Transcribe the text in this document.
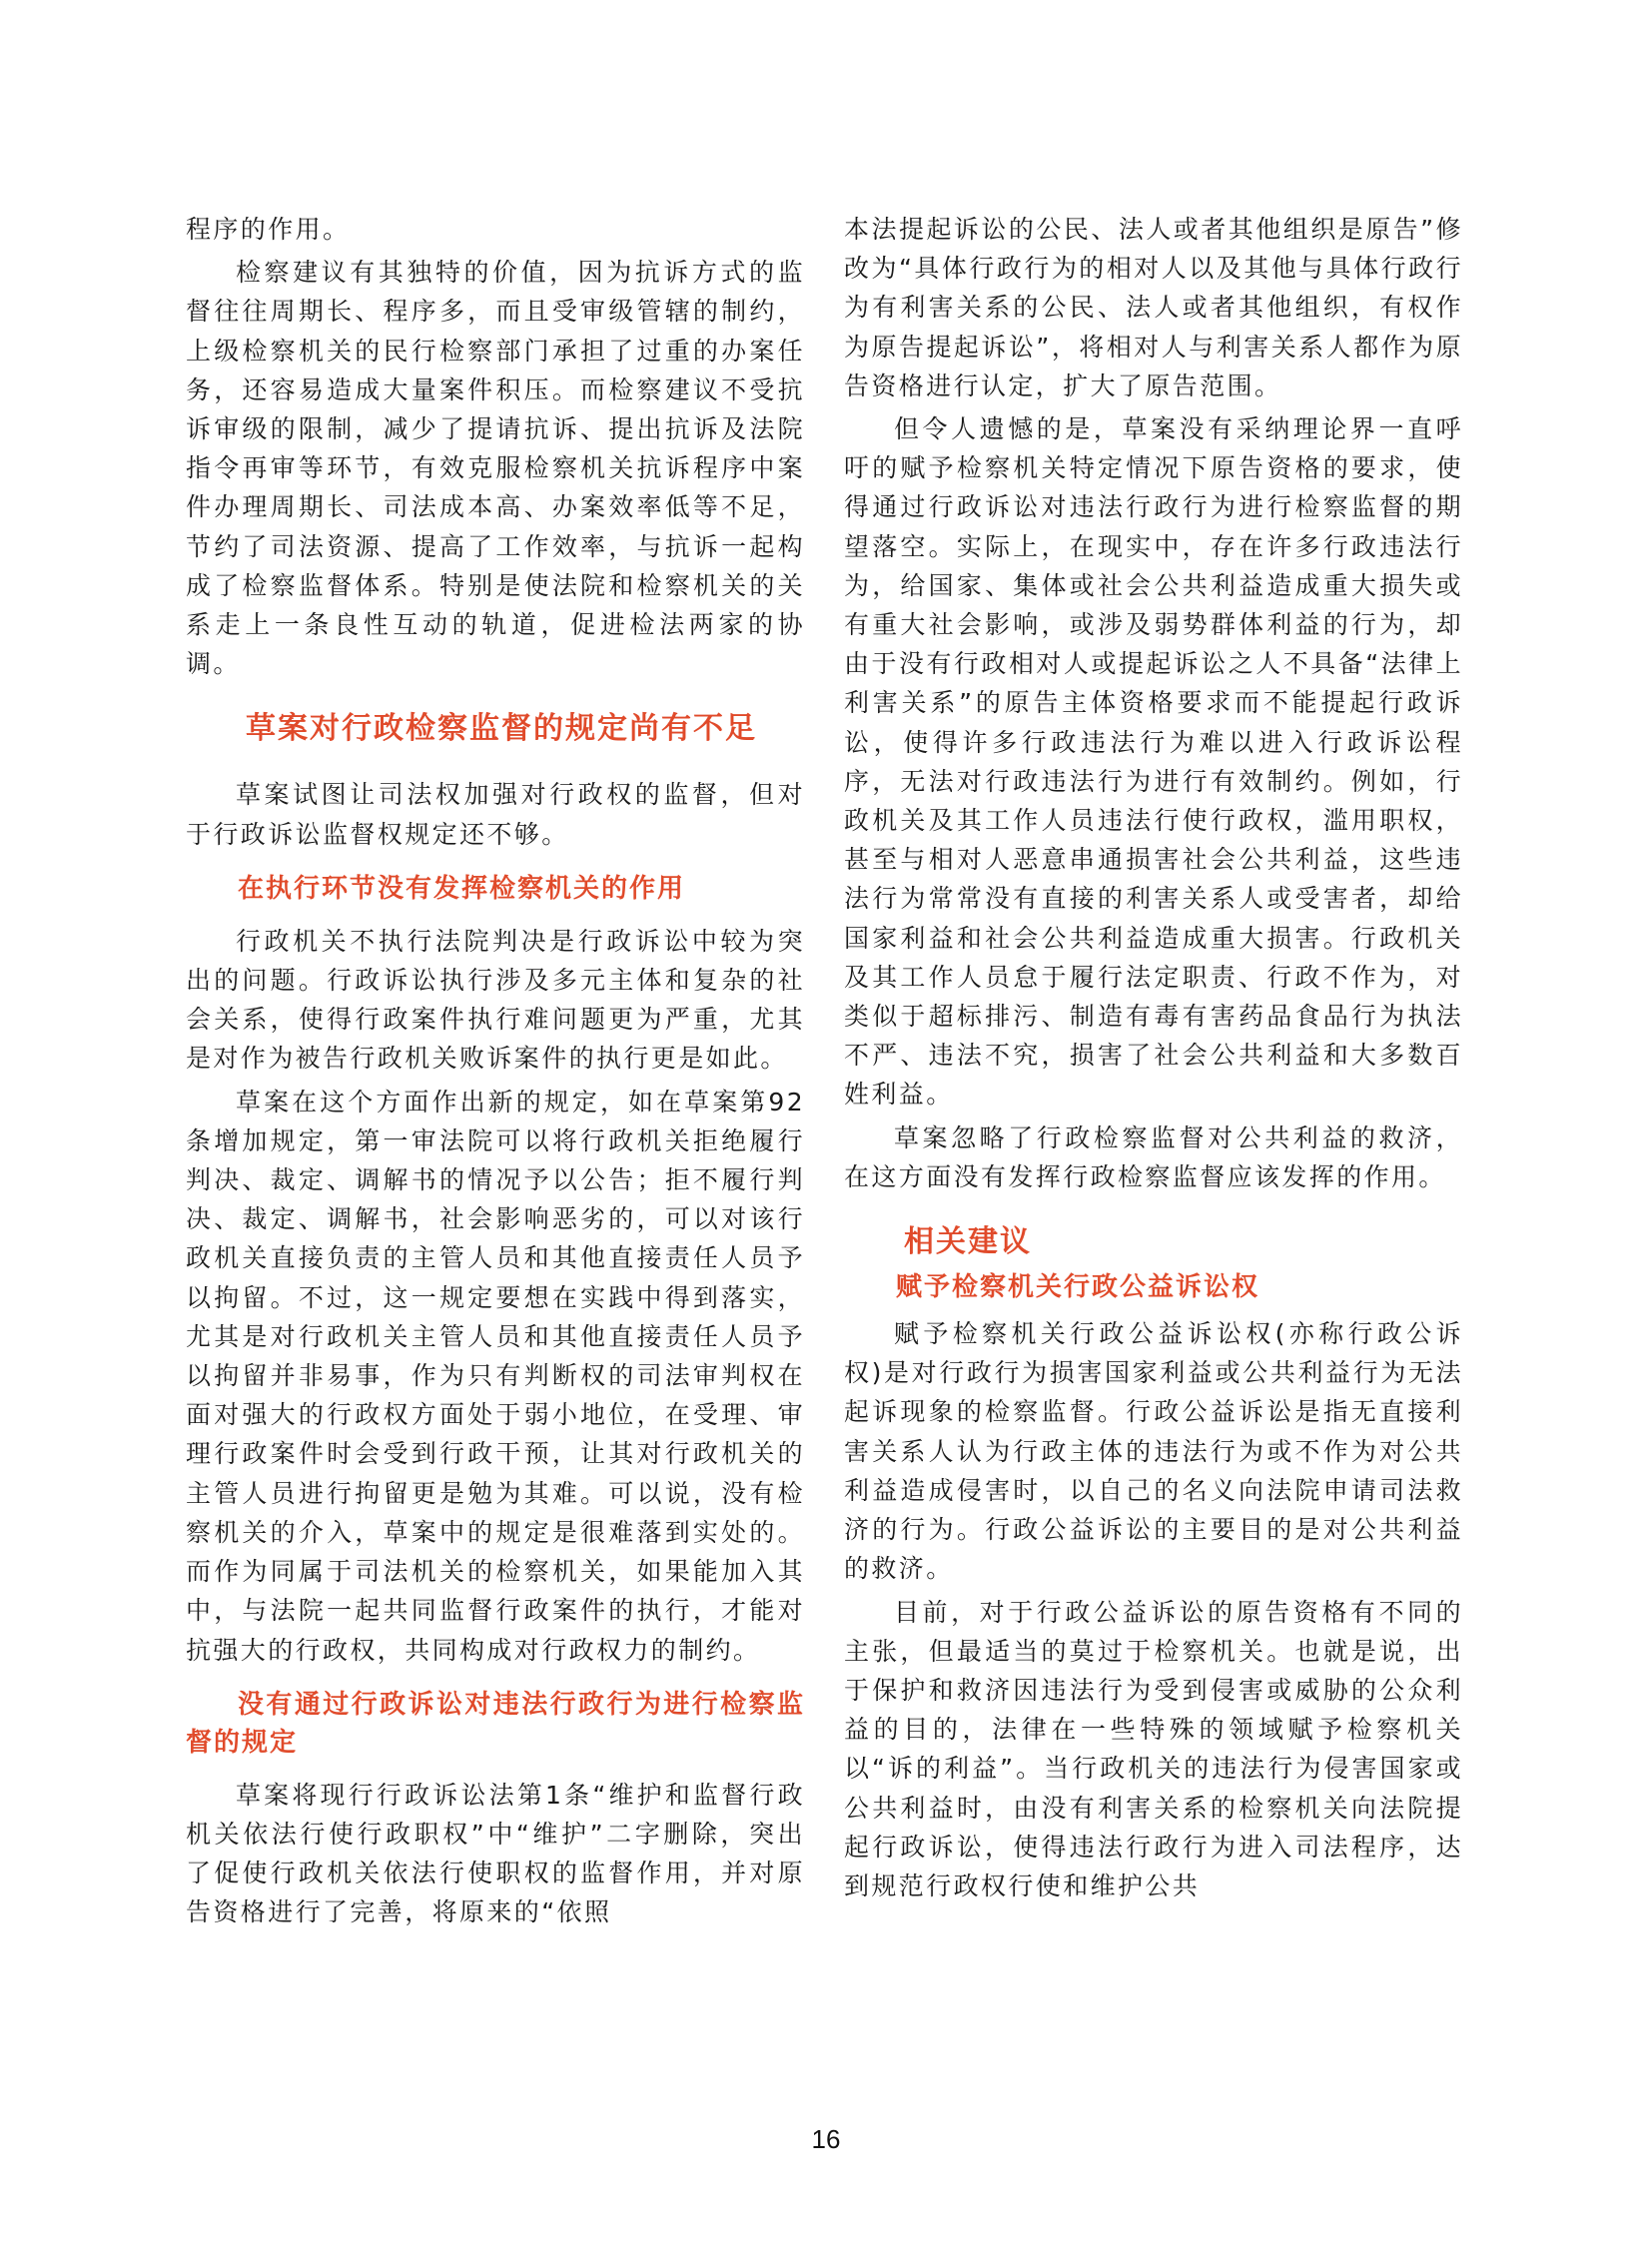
程序的作用。

检察建议有其独特的价值，因为抗诉方式的监督往往周期长、程序多，而且受审级管辖的制约，上级检察机关的民行检察部门承担了过重的办案任务，还容易造成大量案件积压。而检察建议不受抗诉审级的限制，减少了提请抗诉、提出抗诉及法院指令再审等环节，有效克服检察机关抗诉程序中案件办理周期长、司法成本高、办案效率低等不足，节约了司法资源、提高了工作效率，与抗诉一起构成了检察监督体系。特别是使法院和检察机关的关系走上一条良性互动的轨道，促进检法两家的协调。

草案对行政检察监督的规定尚有不足

草案试图让司法权加强对行政权的监督，但对于行政诉讼监督权规定还不够。

在执行环节没有发挥检察机关的作用

行政机关不执行法院判决是行政诉讼中较为突出的问题。行政诉讼执行涉及多元主体和复杂的社会关系，使得行政案件执行难问题更为严重，尤其是对作为被告行政机关败诉案件的执行更是如此。

草案在这个方面作出新的规定，如在草案第92条增加规定，第一审法院可以将行政机关拒绝履行判决、裁定、调解书的情况予以公告；拒不履行判决、裁定、调解书，社会影响恶劣的，可以对该行政机关直接负责的主管人员和其他直接责任人员予以拘留。不过，这一规定要想在实践中得到落实，尤其是对行政机关主管人员和其他直接责任人员予以拘留并非易事，作为只有判断权的司法审判权在面对强大的行政权方面处于弱小地位，在受理、审理行政案件时会受到行政干预，让其对行政机关的主管人员进行拘留更是勉为其难。可以说，没有检察机关的介入，草案中的规定是很难落到实处的。而作为同属于司法机关的检察机关，如果能加入其中，与法院一起共同监督行政案件的执行，才能对抗强大的行政权，共同构成对行政权力的制约。

没有通过行政诉讼对违法行政行为进行检察监督的规定

草案将现行行政诉讼法第1条“维护和监督行政机关依法行使行政职权”中“维护”二字删除，突出了促使行政机关依法行使职权的监督作用，并对原告资格进行了完善，将原来的“依照

本法提起诉讼的公民、法人或者其他组织是原告”修改为“具体行政行为的相对人以及其他与具体行政行为有利害关系的公民、法人或者其他组织，有权作为原告提起诉讼”，将相对人与利害关系人都作为原告资格进行认定，扩大了原告范围。

但令人遗憾的是，草案没有采纳理论界一直呼吁的赋予检察机关特定情况下原告资格的要求，使得通过行政诉讼对违法行政行为进行检察监督的期望落空。实际上，在现实中，存在许多行政违法行为，给国家、集体或社会公共利益造成重大损失或有重大社会影响，或涉及弱势群体利益的行为，却由于没有行政相对人或提起诉讼之人不具备“法律上利害关系”的原告主体资格要求而不能提起行政诉讼，使得许多行政违法行为难以进入行政诉讼程序，无法对行政违法行为进行有效制约。例如，行政机关及其工作人员违法行使行政权，滥用职权，甚至与相对人恶意串通损害社会公共利益，这些违法行为常常没有直接的利害关系人或受害者，却给国家利益和社会公共利益造成重大损害。行政机关及其工作人员怠于履行法定职责、行政不作为，对类似于超标排污、制造有毒有害药品食品行为执法不严、违法不究，损害了社会公共利益和大多数百姓利益。

草案忽略了行政检察监督对公共利益的救济，在这方面没有发挥行政检察监督应该发挥的作用。

相关建议
赋予检察机关行政公益诉讼权

赋予检察机关行政公益诉讼权(亦称行政公诉权)是对行政行为损害国家利益或公共利益行为无法起诉现象的检察监督。行政公益诉讼是指无直接利害关系人认为行政主体的违法行为或不作为对公共利益造成侵害时，以自己的名义向法院申请司法救济的行为。行政公益诉讼的主要目的是对公共利益的救济。

目前，对于行政公益诉讼的原告资格有不同的主张，但最适当的莫过于检察机关。也就是说，出于保护和救济因违法行为受到侵害或威胁的公众利益的目的，法律在一些特殊的领域赋予检察机关以“诉的利益”。当行政机关的违法行为侵害国家或公共利益时，由没有利害关系的检察机关向法院提起行政诉讼，使得违法行政行为进入司法程序，达到规范行政权行使和维护公共

16
